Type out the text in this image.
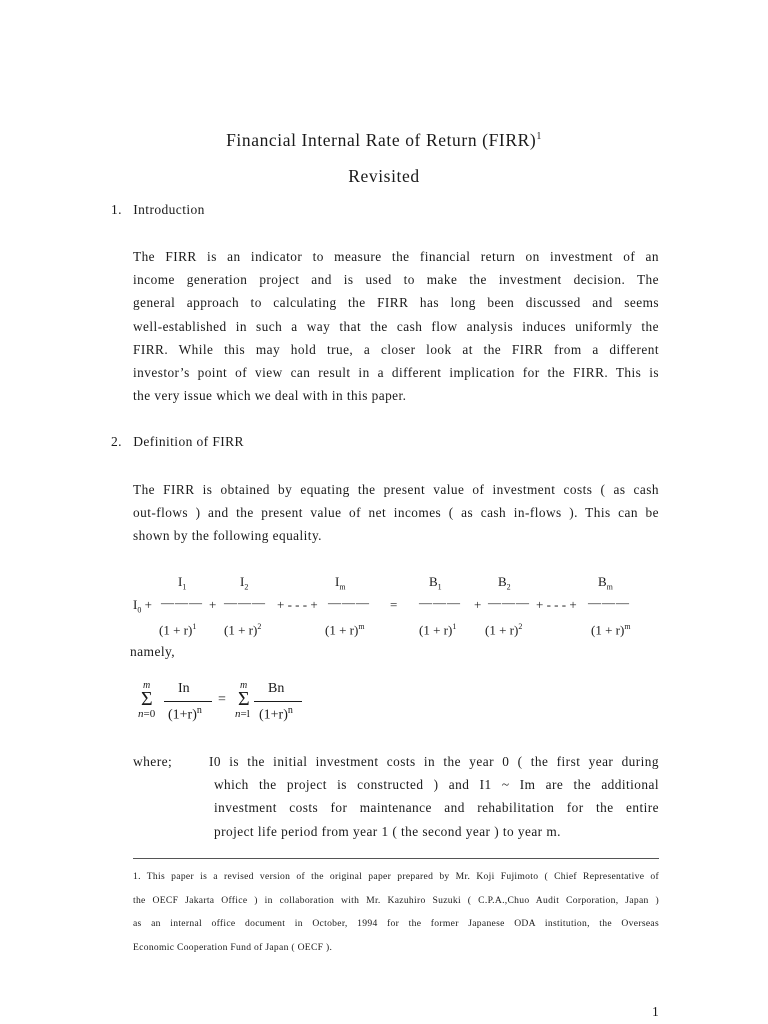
Financial Internal Rate of Return (FIRR)$^1$
Revisited
1. Introduction
The FIRR is an indicator to measure the financial return on investment of an
income generation project and is used to make the investment decision. The
general approach to calculating the FIRR has long been discussed and seems
well-established in such a way that the cash flow analysis induces uniformly the
FIRR. While this may hold true, a closer look at the FIRR from a different
investor’s point of view can result in a different implication for the FIRR. This is
the very issue which we deal with in this paper.
2. Definition of FIRR
The FIRR is obtained by equating the present value of investment costs ( as cash
out-flows ) and the present value of net incomes ( as cash in-flows ). This can be
shown by the following equality.
$I_1$	$I_2$	$I_m$	$B_1$	$B_2$	$B_m$
$I_0$ + ——— + ——— + - - - + ——— = ——— + ——— + - - - + ———
$(1 + r)^1$ $(1 + r)^2$	$(1 + r)^m$	$(1 + r)^1$ $(1 + r)^2$	$(1 + r)^m$
namely,
m
Σ
n=0
In
$(1+r)^n$
=
m
Σ
n=l
Bn
$(1+r)^n$
where;	I0 is the initial investment costs in the year 0 ( the first year during
which the project is constructed ) and I1 ~ Im are the additional
investment costs for maintenance and rehabilitation for the entire
project life period from year 1 ( the second year ) to year m.
1. This paper is a revised version of the original paper prepared by Mr. Koji Fujimoto ( Chief Representative of
the OECF Jakarta Office ) in collaboration with Mr. Kazuhiro Suzuki ( C.P.A.,Chuo Audit Corporation, Japan )
as an internal office document in October, 1994 for the former Japanese ODA institution, the Overseas
Economic Cooperation Fund of Japan ( OECF ).
1
